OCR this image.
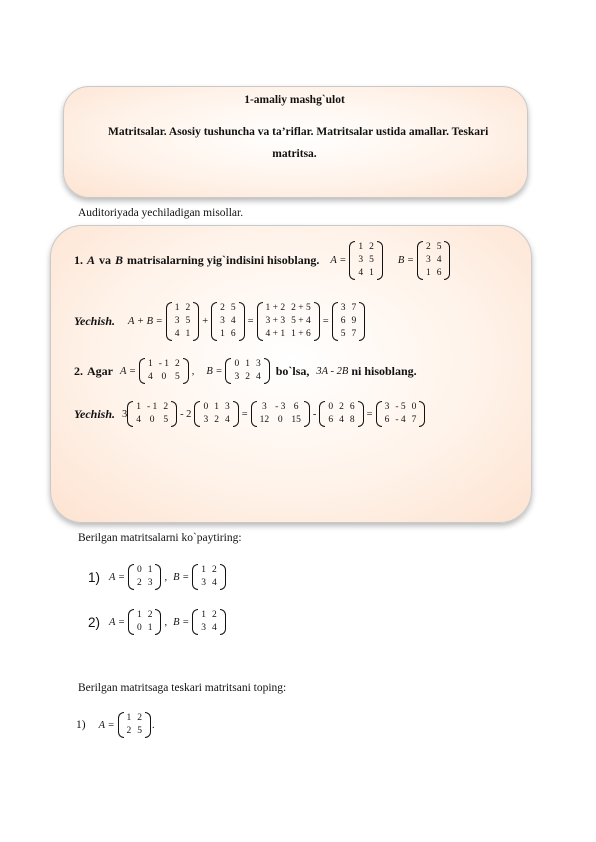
1-amaliy mashg`ulot
Matritsalar. Asosiy tushuncha va ta’riflar. Matritsalar ustida amallar. Teskari
matritsa.
Auditoriyada yechiladigan misollar.
1.
A
va
B
matrisalarning yig`indisini hisoblang. A =
1	2
3	5
4	1
B =
2	5
3	4
1	6
Yechish. A + B =
1	2
3	5
4	1
+
2	5
3	4
1	6
=
1 + 2	2 + 5
3 + 3	5 + 4
4 + 1	1 + 6
=
3	7
6	9
5	7
2.
Agar A =
1	- 1	2
4	0	5
, B =
0	1	3
3	2	4 bo`lsa, 3A - 2B ni hisoblang.
Yechish. 3
1	- 1	2
4	0	5
- 2
0	1	3
3	2	4
=
3	- 3	6
12	0	15
-
0	2	6
6	4	8
=
3	- 5	0
6	- 4	7
Berilgan matritsalarni ko`paytiring:
1) A =
0	1
2	3
, B =
1	2
3	4
2) A =
1	2
0	1
, B =
1	2
3	4
Berilgan matritsaga teskari matritsani toping:
1) A =
1	2
2	5
.
